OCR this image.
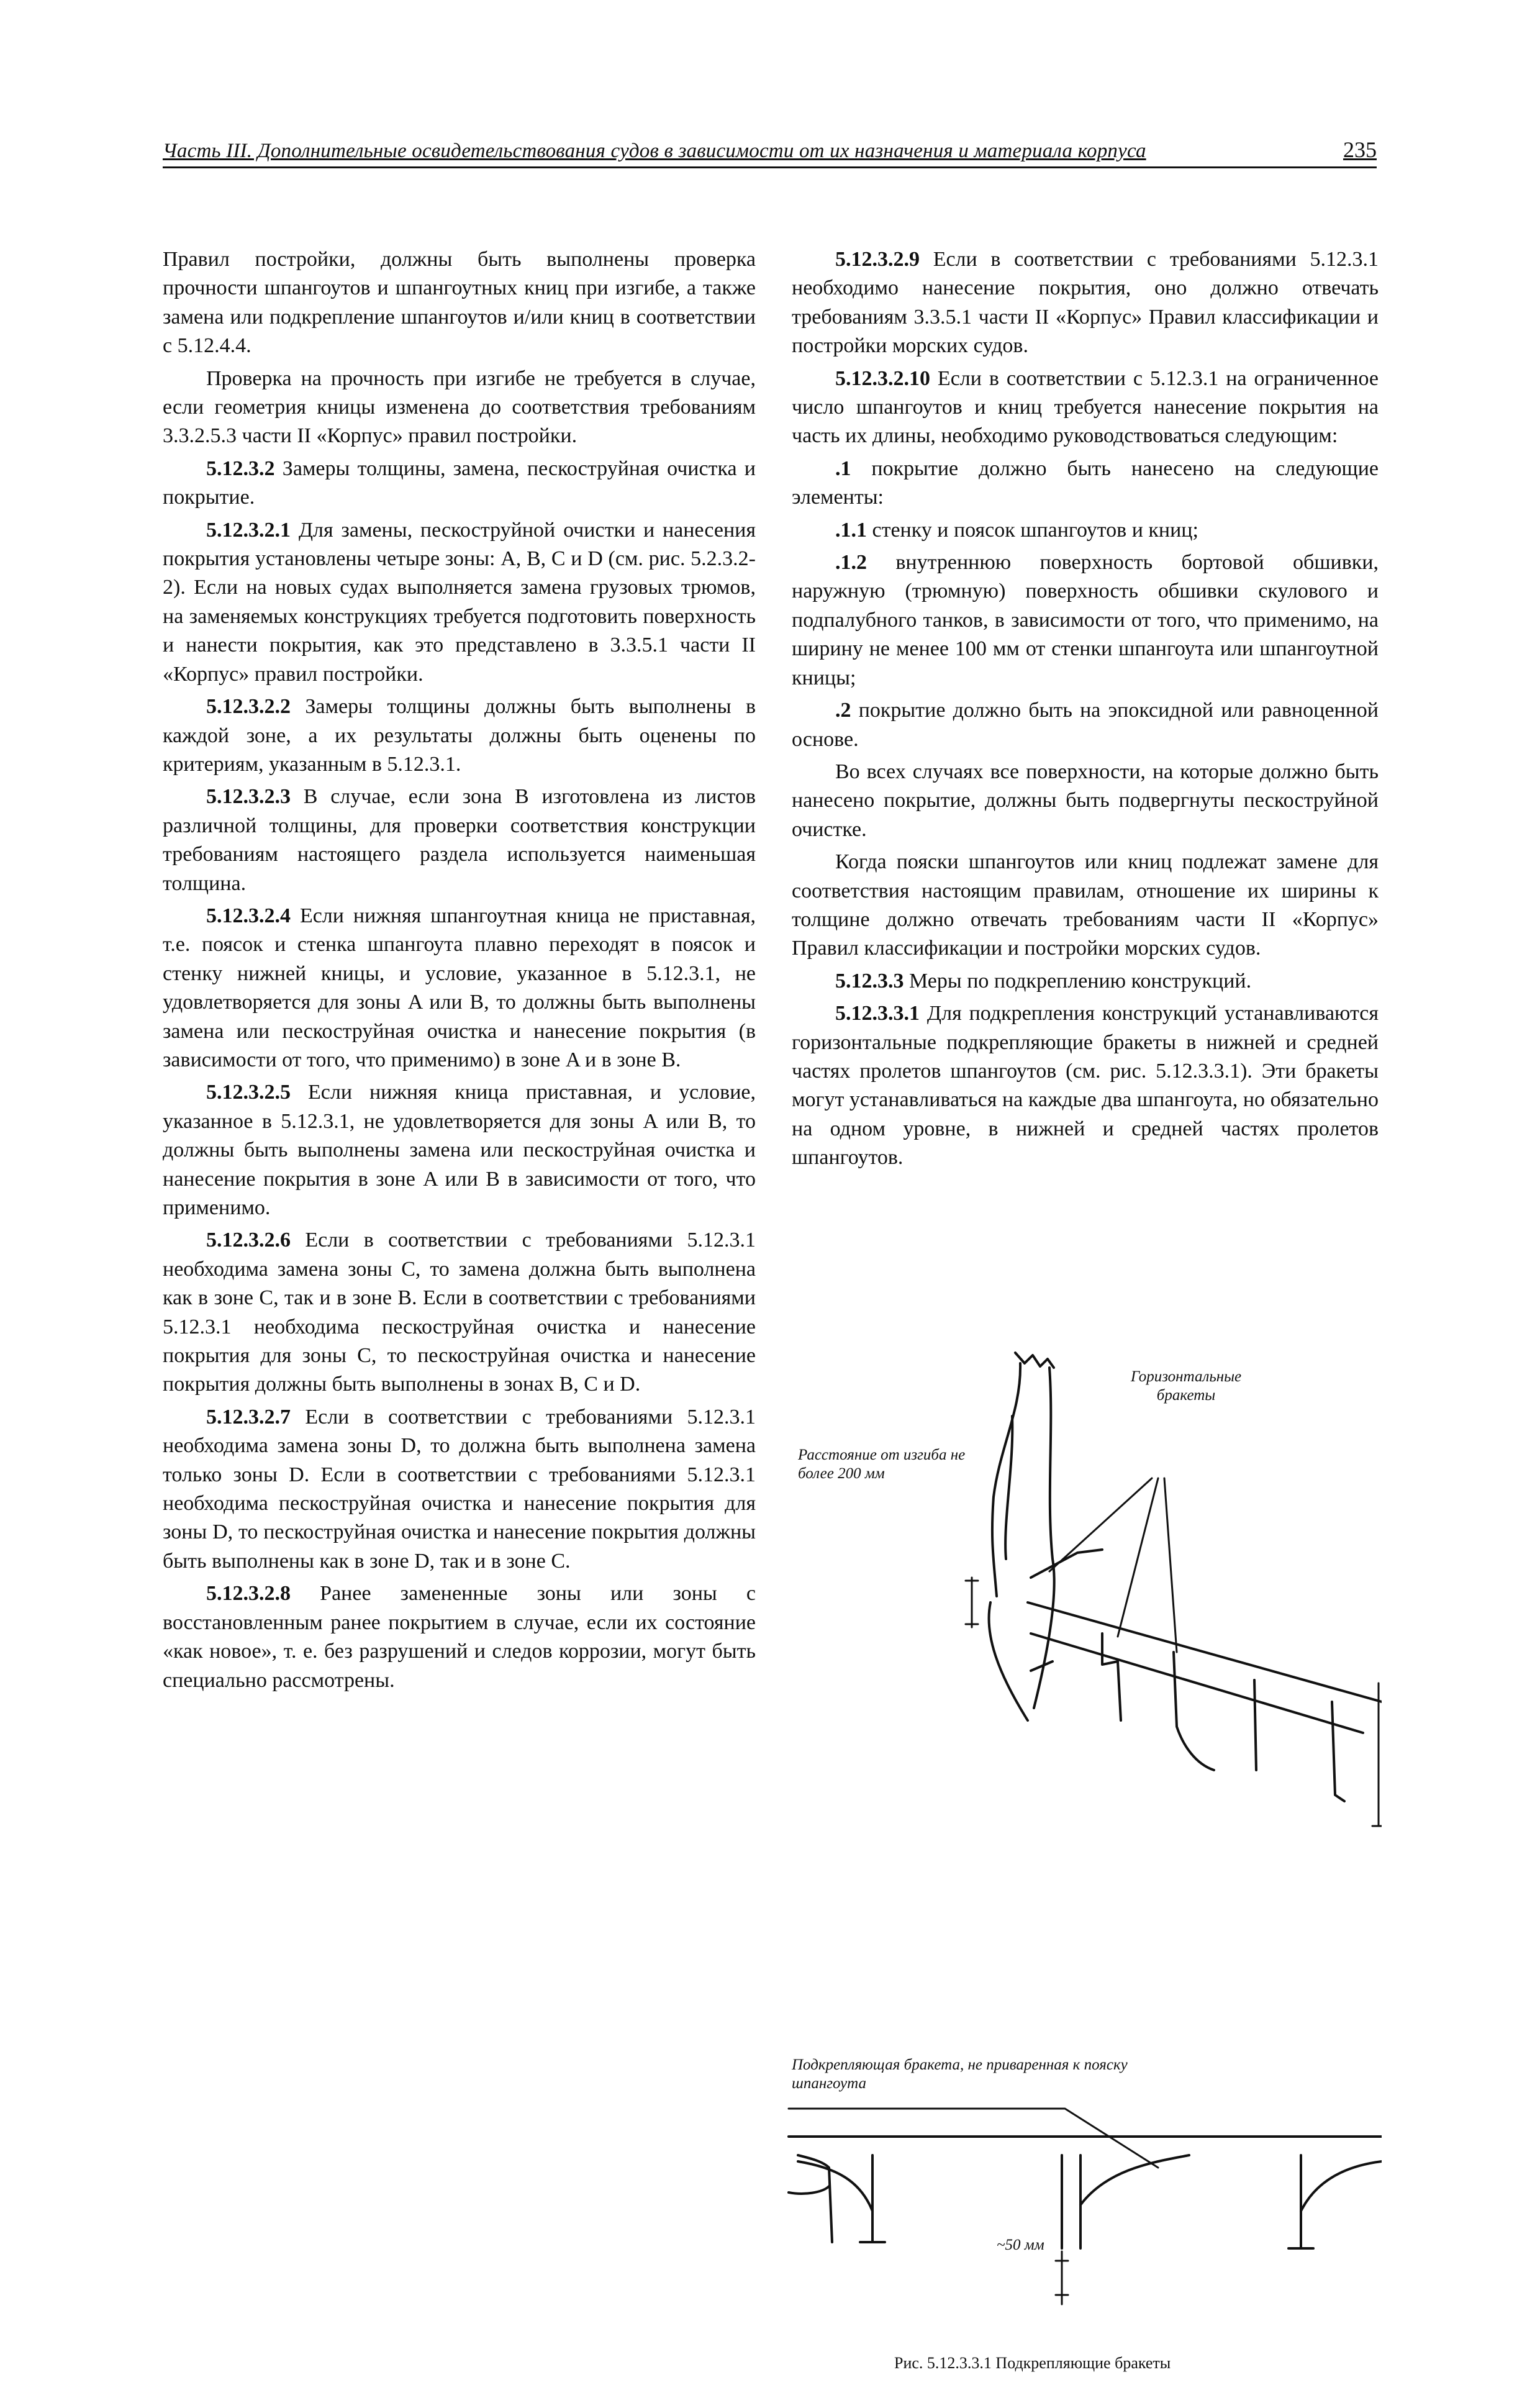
Часть III. Дополнительные освидетельствования судов в зависимости от их назначения и материала корпуса	235

Правил постройки, должны быть выполнены проверка прочности шпангоутов и шпангоутных книц при изгибе, а также замена или подкрепление шпангоутов и/или книц в соответствии с 5.12.4.4.

Проверка на прочность при изгибе не требуется в случае, если геометрия кницы изменена до соответствия требованиям 3.3.2.5.3 части II «Корпус» правил постройки.

5.12.3.2 Замеры толщины, замена, пескоструйная очистка и покрытие.

5.12.3.2.1 Для замены, пескоструйной очистки и нанесения покрытия установлены четыре зоны: A, B, C и D (см. рис. 5.2.3.2-2). Если на новых судах выполняется замена грузовых трюмов, на заменяемых конструкциях требуется подготовить поверхность и нанести покрытия, как это представлено в 3.3.5.1 части II «Корпус» правил постройки.

5.12.3.2.2 Замеры толщины должны быть выполнены в каждой зоне, а их результаты должны быть оценены по критериям, указанным в 5.12.3.1.

5.12.3.2.3 В случае, если зона B изготовлена из листов различной толщины, для проверки соответствия конструкции требованиям настоящего раздела используется наименьшая толщина.

5.12.3.2.4 Если нижняя шпангоутная кница не приставная, т.е. поясок и стенка шпангоута плавно переходят в поясок и стенку нижней кницы, и условие, указанное в 5.12.3.1, не удовлетворяется для зоны A или B, то должны быть выполнены замена или пескоструйная очистка и нанесение покрытия (в зависимости от того, что применимо) в зоне A и в зоне B.

5.12.3.2.5 Если нижняя кница приставная, и условие, указанное в 5.12.3.1, не удовлетворяется для зоны A или B, то должны быть выполнены замена или пескоструйная очистка и нанесение покрытия в зоне A или B в зависимости от того, что применимо.

5.12.3.2.6 Если в соответствии с требованиями 5.12.3.1 необходима замена зоны C, то замена должна быть выполнена как в зоне C, так и в зоне B. Если в соответствии с требованиями 5.12.3.1 необходима пескоструйная очистка и нанесение покрытия для зоны C, то пескоструйная очистка и нанесение покрытия должны быть выполнены в зонах B, C и D.

5.12.3.2.7 Если в соответствии с требованиями 5.12.3.1 необходима замена зоны D, то должна быть выполнена замена только зоны D. Если в соответствии с требованиями 5.12.3.1 необходима пескоструйная очистка и нанесение покрытия для зоны D, то пескоструйная очистка и нанесение покрытия должны быть выполнены как в зоне D, так и в зоне C.

5.12.3.2.8 Ранее замененные зоны или зоны с восстановленным ранее покрытием в случае, если их состояние «как новое», т. е. без разрушений и следов коррозии, могут быть специально рассмотрены.

5.12.3.2.9 Если в соответствии с требованиями 5.12.3.1 необходимо нанесение покрытия, оно должно отвечать требованиям 3.3.5.1 части II «Корпус» Правил классификации и постройки морских судов.

5.12.3.2.10 Если в соответствии с 5.12.3.1 на ограниченное число шпангоутов и книц требуется нанесение покрытия на часть их длины, необходимо руководствоваться следующим:

.1 покрытие должно быть нанесено на следующие элементы:

.1.1 стенку и поясок шпангоутов и книц;

.1.2 внутреннюю поверхность бортовой обшивки, наружную (трюмную) поверхность обшивки скулового и подпалубного танков, в зависимости от того, что применимо, на ширину не менее 100 мм от стенки шпангоута или шпангоутной кницы;

.2 покрытие должно быть на эпоксидной или равноценной основе.

Во всех случаях все поверхности, на которые должно быть нанесено покрытие, должны быть подвергнуты пескоструйной очистке.

Когда пояски шпангоутов или книц подлежат замене для соответствия настоящим правилам, отношение их ширины к толщине должно отвечать требованиям части II «Корпус» Правил классификации и постройки морских судов.

5.12.3.3 Меры по подкреплению конструкций.

5.12.3.3.1 Для подкрепления конструкций устанавливаются горизонтальные подкрепляющие бракеты в нижней и средней частях пролетов шпангоутов (см. рис. 5.12.3.3.1). Эти бракеты могут устанавливаться на каждые два шпангоута, но обязательно на одном уровне, в нижней и средней частях пролетов шпангоутов.

Горизонтальные бракеты
Расстояние от изгиба не более 200 мм
Подкрепляющая бракета, не приваренная к пояску шпангоута
~50 мм
Рис. 5.12.3.3.1 Подкрепляющие бракеты
